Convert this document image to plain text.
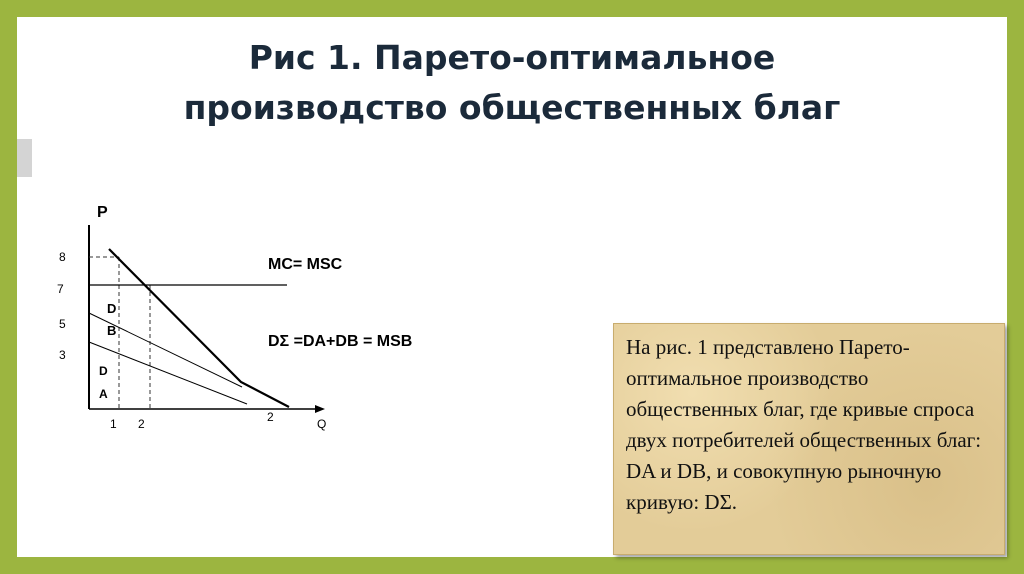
Рис 1. Парето-оптимальное
производство общественных благ
P
Q
8
7
5
3
1 2	2
D
B
D
A
MC= MSC
DΣ =DA+DB = MSB	На рис. 1 представлено Парето-оптимальное производство общественных благ, где кривые спроса двух потребителей общественных благ: DA и DB, и совокупную рыночную кривую: DΣ.
